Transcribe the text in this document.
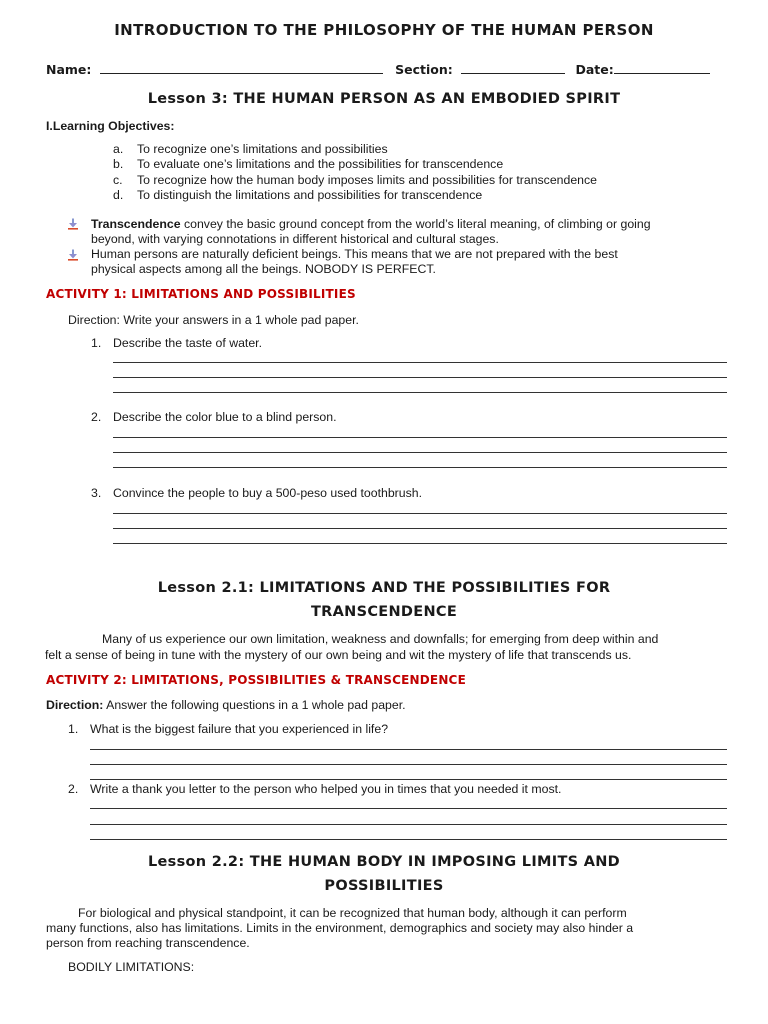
INTRODUCTION TO THE PHILOSOPHY OF THE HUMAN PERSON
Name:	Section:	Date:
Lesson 3: THE HUMAN PERSON AS AN EMBODIED SPIRIT
I.Learning Objectives:
a. To recognize one’s limitations and possibilities
b. To evaluate one’s limitations and the possibilities for transcendence
c. To recognize how the human body imposes limits and possibilities for transcendence
d. To distinguish the limitations and possibilities for transcendence
Transcendence convey the basic ground concept from the world’s literal meaning, of climbing or going
beyond, with varying connotations in different historical and cultural stages.
Human persons are naturally deficient beings. This means that we are not prepared with the best
physical aspects among all the beings. NOBODY IS PERFECT.
ACTIVITY 1: LIMITATIONS AND POSSIBILITIES
Direction: Write your answers in a 1 whole pad paper.
1. Describe the taste of water.
2. Describe the color blue to a blind person.
3. Convince the people to buy a 500-peso used toothbrush.
Lesson 2.1: LIMITATIONS AND THE POSSIBILITIES FOR
TRANSCENDENCE
Many of us experience our own limitation, weakness and downfalls; for emerging from deep within and
felt a sense of being in tune with the mystery of our own being and wit the mystery of life that transcends us.
ACTIVITY 2: LIMITATIONS, POSSIBILITIES & TRANSCENDENCE
Direction: Answer the following questions in a 1 whole pad paper.
1. What is the biggest failure that you experienced in life?
2. Write a thank you letter to the person who helped you in times that you needed it most.
Lesson 2.2: THE HUMAN BODY IN IMPOSING LIMITS AND
POSSIBILITIES
For biological and physical standpoint, it can be recognized that human body, although it can perform
many functions, also has limitations. Limits in the environment, demographics and society may also hinder a
person from reaching transcendence.
BODILY LIMITATIONS:
